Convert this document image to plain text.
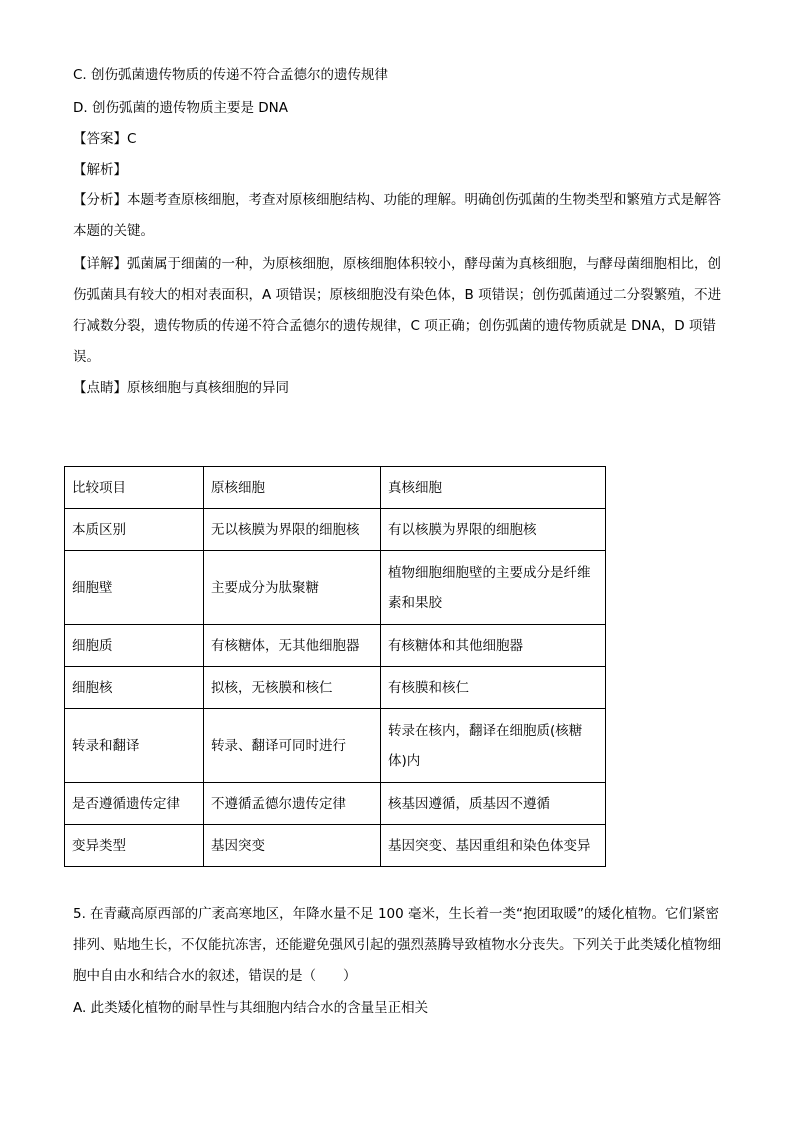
C. 创伤弧菌遗传物质的传递不符合孟德尔的遗传规律
D. 创伤弧菌的遗传物质主要是 DNA
【答案】C
【解析】
【分析】本题考查原核细胞，考查对原核细胞结构、功能的理解。明确创伤弧菌的生物类型和繁殖方式是解答本题的关键。
【详解】弧菌属于细菌的一种，为原核细胞，原核细胞体积较小，酵母菌为真核细胞，与酵母菌细胞相比，创伤弧菌具有较大的相对表面积，A 项错误；原核细胞没有染色体，B 项错误；创伤弧菌通过二分裂繁殖，不进行减数分裂，遗传物质的传递不符合孟德尔的遗传规律，C 项正确；创伤弧菌的遗传物质就是 DNA，D 项错误。
【点睛】原核细胞与真核细胞的异同
比较项目	原核细胞	真核细胞
本质区别	无以核膜为界限的细胞核	有以核膜为界限的细胞核
细胞壁	主要成分为肽聚糖	植物细胞细胞壁的主要成分是纤维素和果胶
细胞质	有核糖体，无其他细胞器	有核糖体和其他细胞器
细胞核	拟核，无核膜和核仁	有核膜和核仁
转录和翻译	转录、翻译可同时进行	转录在核内，翻译在细胞质(核糖体)内
是否遵循遗传定律	不遵循孟德尔遗传定律	核基因遵循，质基因不遵循
变异类型	基因突变	基因突变、基因重组和染色体变异
5. 在青藏高原西部的广袤高寒地区，年降水量不足 100 毫米，生长着一类“抱团取暖”的矮化植物。它们紧密排列、贴地生长，不仅能抗冻害，还能避免强风引起的强烈蒸腾导致植物水分丧失。下列关于此类矮化植物细胞中自由水和结合水的叙述，错误的是（　　）
A. 此类矮化植物的耐旱性与其细胞内结合水的含量呈正相关
